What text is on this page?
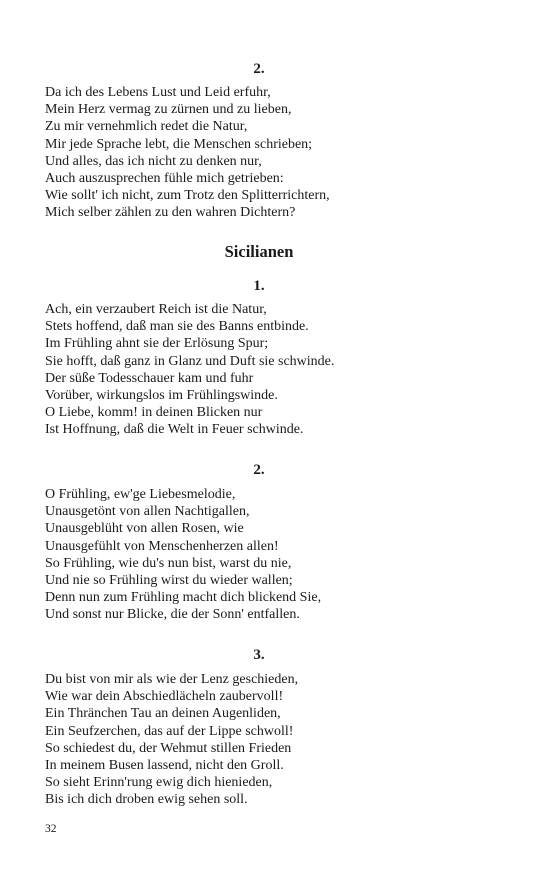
2.
Da ich des Lebens Lust und Leid erfuhr,
Mein Herz vermag zu zürnen und zu lieben,
Zu mir vernehmlich redet die Natur,
Mir jede Sprache lebt, die Menschen schrieben;
Und alles, das ich nicht zu denken nur,
Auch auszusprechen fühle mich getrieben:
Wie sollt' ich nicht, zum Trotz den Splitterrichtern,
Mich selber zählen zu den wahren Dichtern?
Sicilianen
1.
Ach, ein verzaubert Reich ist die Natur,
Stets hoffend, daß man sie des Banns entbinde.
Im Frühling ahnt sie der Erlösung Spur;
Sie hofft, daß ganz in Glanz und Duft sie schwinde.
Der süße Todesschauer kam und fuhr
Vorüber, wirkungslos im Frühlingswinde.
O Liebe, komm! in deinen Blicken nur
Ist Hoffnung, daß die Welt in Feuer schwinde.
2.
O Frühling, ew'ge Liebesmelodie,
Unausgetönt von allen Nachtigallen,
Unausgeblüht von allen Rosen, wie
Unausgefühlt von Menschenherzen allen!
So Frühling, wie du's nun bist, warst du nie,
Und nie so Frühling wirst du wieder wallen;
Denn nun zum Frühling macht dich blickend Sie,
Und sonst nur Blicke, die der Sonn' entfallen.
3.
Du bist von mir als wie der Lenz geschieden,
Wie war dein Abschiedlächeln zaubervoll!
Ein Thränchen Tau an deinen Augenliden,
Ein Seufzerchen, das auf der Lippe schwoll!
So schiedest du, der Wehmut stillen Frieden
In meinem Busen lassend, nicht den Groll.
So sieht Erinn'rung ewig dich hienieden,
Bis ich dich droben ewig sehen soll.
32
